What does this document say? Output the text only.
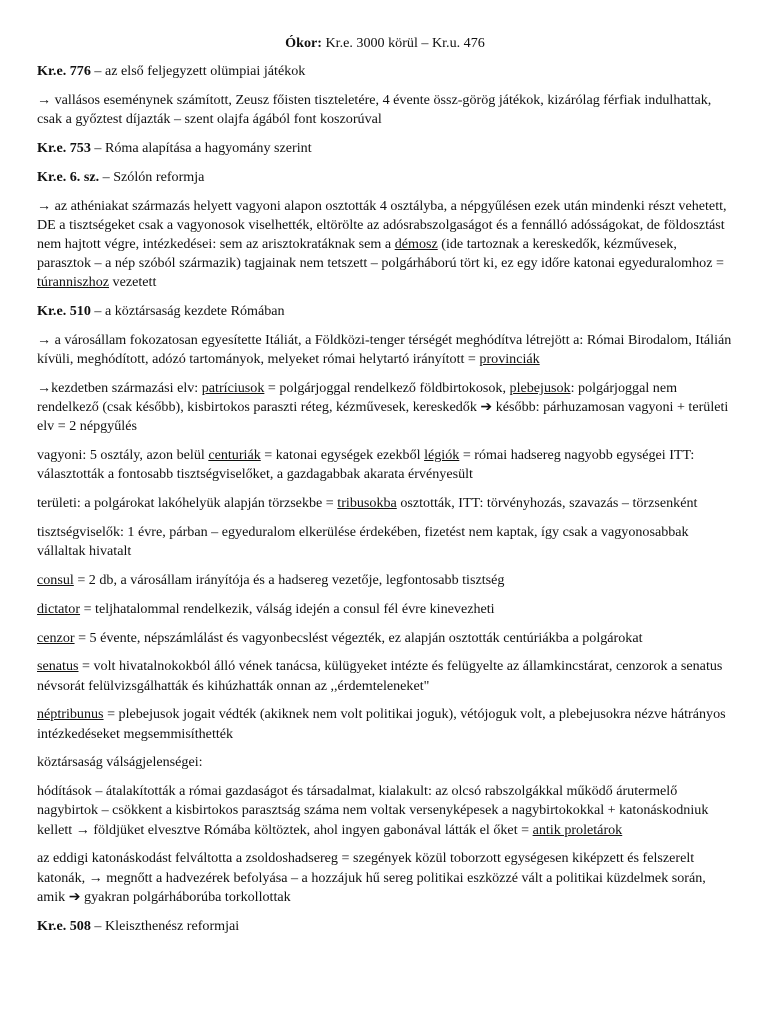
Ókor: Kr.e. 3000 körül – Kr.u. 476

Kr.e. 776 – az első feljegyzett olümpiai játékok

→ vallásos eseménynek számított, Zeusz főisten tiszteletére, 4 évente össz-görög játékok, kizárólag férfiak indulhattak, csak a győztest díjazták – szent olajfa ágából font koszorúval

Kr.e. 753 – Róma alapítása a hagyomány szerint

Kr.e. 6. sz. – Szólón reformja

→ az athéniakat származás helyett vagyoni alapon osztották 4 osztályba, a népgyűlésen ezek után mindenki részt vehetett, DE a tisztségeket csak a vagyonosok viselhették, eltörölte az adósrabszolgaságot és a fennálló adósságokat, de földosztást nem hajtott végre, intézkedései: sem az arisztokratáknak sem a démosz (ide tartoznak a kereskedők, kézművesek, parasztok – a nép szóból származik) tagjainak nem tetszett – polgárháború tört ki, ez egy időre katonai egyeduralomhoz = túranniszhoz vezetett

Kr.e. 510 – a köztársaság kezdete Rómában

→ a városállam fokozatosan egyesítette Itáliát, a Földközi-tenger térségét meghódítva létrejött a: Római Birodalom, Itálián kívüli, meghódított, adózó tartományok, melyeket római helytartó irányított = provinciák

→kezdetben származási elv: patríciusok = polgárjoggal rendelkező földbirtokosok, plebejusok: polgárjoggal nem rendelkező (csak később), kisbirtokos paraszti réteg, kézművesek, kereskedők ➔ később: párhuzamosan vagyoni + területi elv = 2 népgyűlés

vagyoni: 5 osztály, azon belül centuriák = katonai egységek ezekből légiók = római hadsereg nagyobb egységei ITT: választották a fontosabb tisztségviselőket, a gazdagabbak akarata érvényesült

területi: a polgárokat lakóhelyük alapján törzsekbe = tribusokba osztották, ITT: törvényhozás, szavazás – törzsenként

tisztségviselők: 1 évre, párban – egyeduralom elkerülése érdekében, fizetést nem kaptak, így csak a vagyonosabbak vállaltak hivatalt

consul = 2 db, a városállam irányítója és a hadsereg vezetője, legfontosabb tisztség

dictator = teljhatalommal rendelkezik, válság idején a consul fél évre kinevezheti

cenzor = 5 évente, népszámlálást és vagyonbecslést végezték, ez alapján osztották centúriákba a polgárokat

senatus = volt hivatalnokokból álló vének tanácsa, külügyeket intézte és felügyelte az államkincstárat, cenzorok a senatus névsorát felülvizsgálhatták és kihúzhatták onnan az ,,érdemteleneket"

néptribunus = plebejusok jogait védték (akiknek nem volt politikai joguk), vétójoguk volt, a plebejusokra nézve hátrányos intézkedéseket megsemmisíthették

köztársaság válságjelenségei:

hódítások – átalakították a római gazdaságot és társadalmat, kialakult: az olcsó rabszolgákkal működő árutermelő nagybirtok – csökkent a kisbirtokos parasztság száma nem voltak versenyképesek a nagybirtokokkal + katonáskodniuk kellett → földjüket elvesztve Rómába költöztek, ahol ingyen gabonával látták el őket = antik proletárok

az eddigi katonáskodást felváltotta a zsoldoshadsereg = szegények közül toborzott egységesen kiképzett és felszerelt katonák, → megnőtt a hadvezérek befolyása – a hozzájuk hű sereg politikai eszközzé vált a politikai küzdelmek során, amik ➔ gyakran polgárháborúba torkollottak

Kr.e. 508 – Kleiszthenész reformjai
